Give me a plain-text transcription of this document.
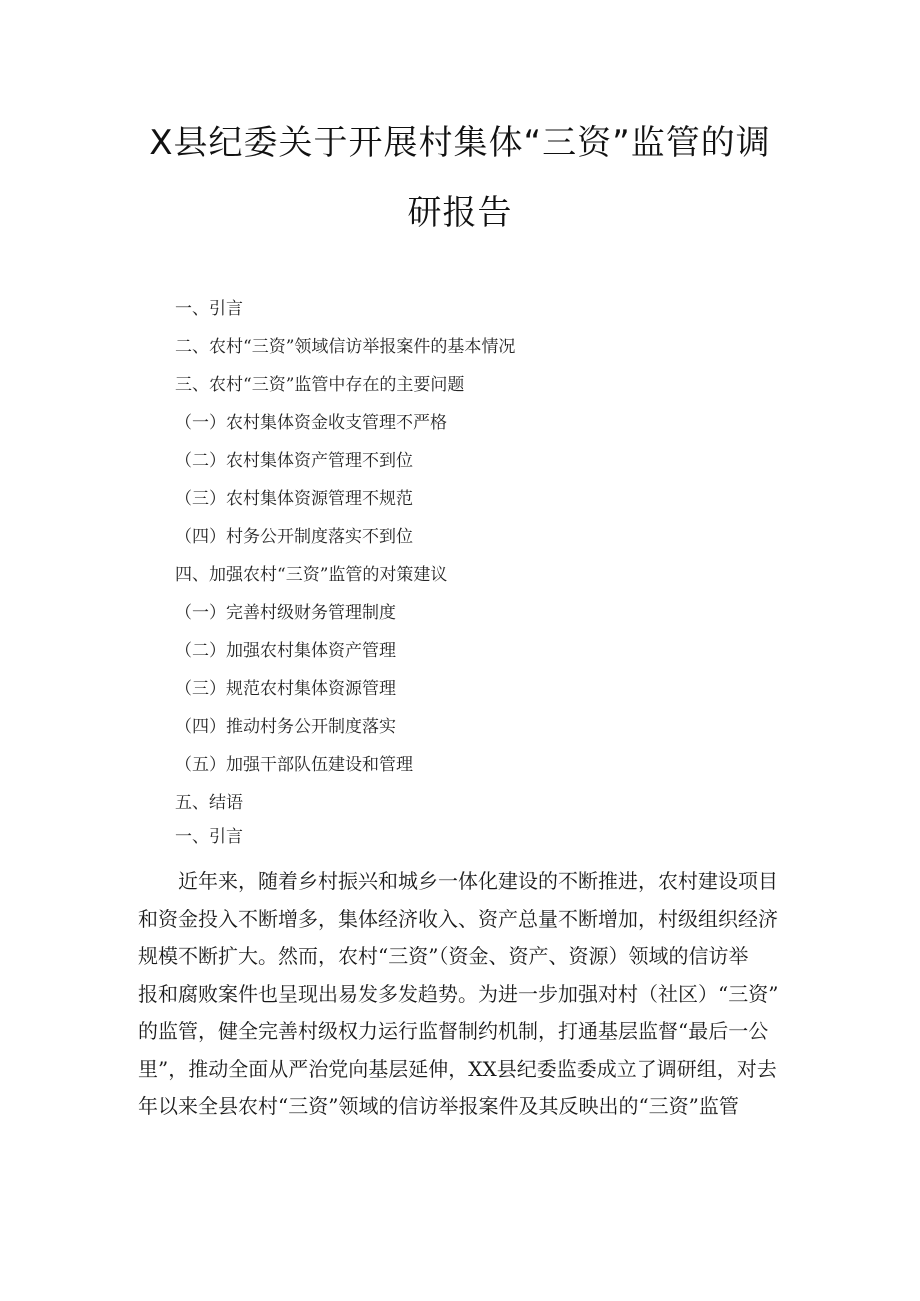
X县纪委关于开展村集体“三资”监管的调
研报告
一、引言
二、农村“三资”领域信访举报案件的基本情况
三、农村“三资”监管中存在的主要问题
（一）农村集体资金收支管理不严格
（二）农村集体资产管理不到位
（三）农村集体资源管理不规范
（四）村务公开制度落实不到位
四、加强农村“三资”监管的对策建议
（一）完善村级财务管理制度
（二）加强农村集体资产管理
（三）规范农村集体资源管理
（四）推动村务公开制度落实
（五）加强干部队伍建设和管理
五、结语
一、引言

近年来，随着乡村振兴和城乡一体化建设的不断推进，农村建设项目
和资金投入不断增多，集体经济收入、资产总量不断增加，村级组织经济
规模不断扩大。然而，农村“三资”（资金、资产、资源）领域的信访举
报和腐败案件也呈现出易发多发趋势。为进一步加强对村（社区）“三资”
的监管，健全完善村级权力运行监督制约机制，打通基层监督“最后一公
里”，推动全面从严治党向基层延伸，XX县纪委监委成立了调研组，对去
年以来全县农村“三资”领域的信访举报案件及其反映出的“三资”监管
